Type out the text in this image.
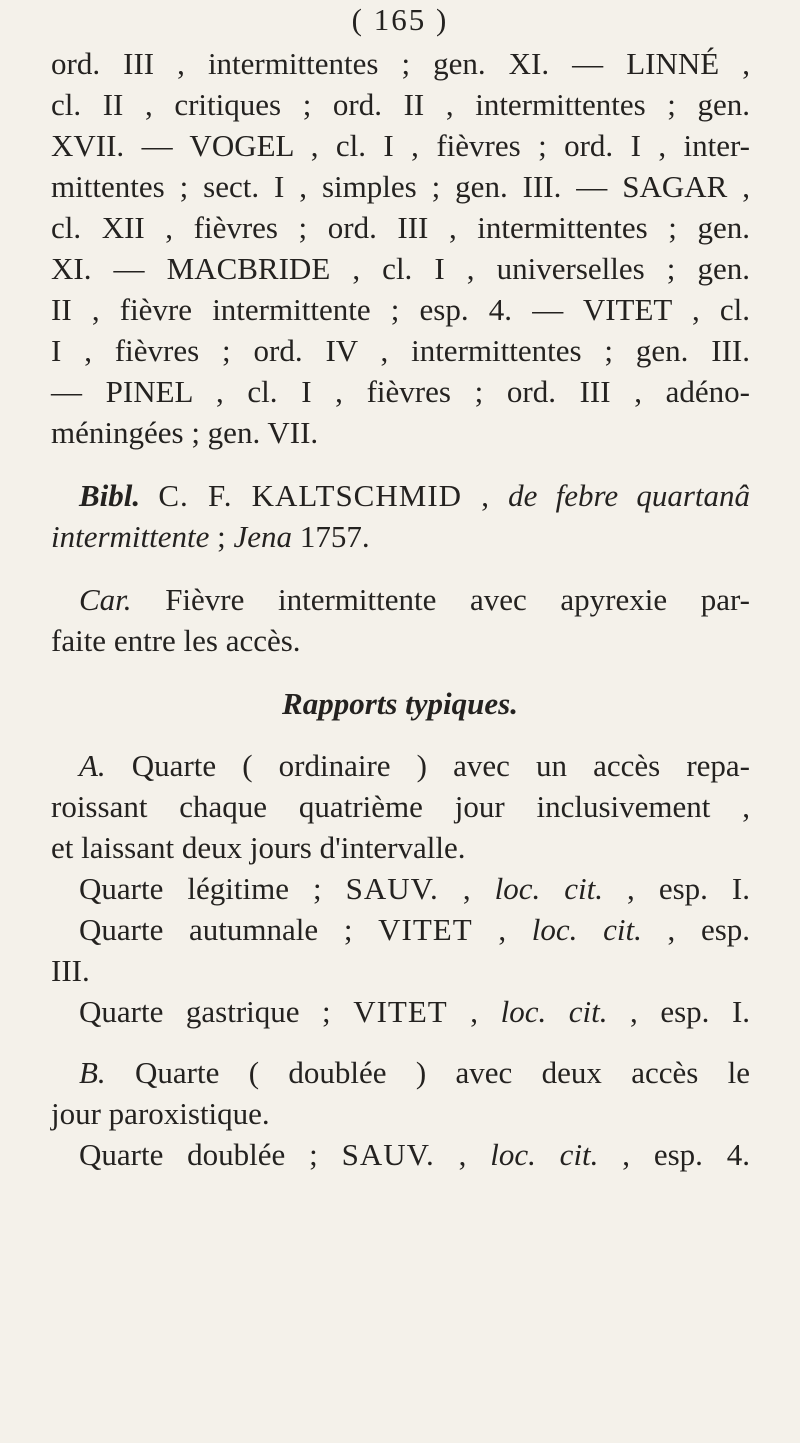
( 165 )
ord. III , intermittentes ; gen. XI. — LINNÉ ,
cl. II , critiques ; ord. II , intermittentes ; gen.
XVII. — VOGEL , cl. I , fièvres ; ord. I , inter-
mittentes ; sect. I , simples ; gen. III. — SAGAR ,
cl. XII , fièvres ; ord. III , intermittentes ; gen.
XI. — MACBRIDE , cl. I , universelles ; gen.
II , fièvre intermittente ; esp. 4. — VITET , cl.
I , fièvres ; ord. IV , intermittentes ; gen. III.
— PINEL , cl. I , fièvres ; ord. III , adéno-
méningées ; gen. VII.
Bibl. C. F. KALTSCHMID , de febre quartanâ
intermittente ; Jena 1757.
Car. Fièvre intermittente avec apyrexie par-
faite entre les accès.
Rapports typiques.
A. Quarte ( ordinaire ) avec un accès repa-
roissant chaque quatrième jour inclusivement ,
et laissant deux jours d'intervalle.
Quarte légitime ; SAUV. , loc. cit. , esp. I.
Quarte autumnale ; VITET , loc. cit. , esp.
III.
Quarte gastrique ; VITET , loc. cit. , esp. I.
B. Quarte ( doublée ) avec deux accès le
jour paroxistique.
Quarte doublée ; SAUV. , loc. cit. , esp. 4.
